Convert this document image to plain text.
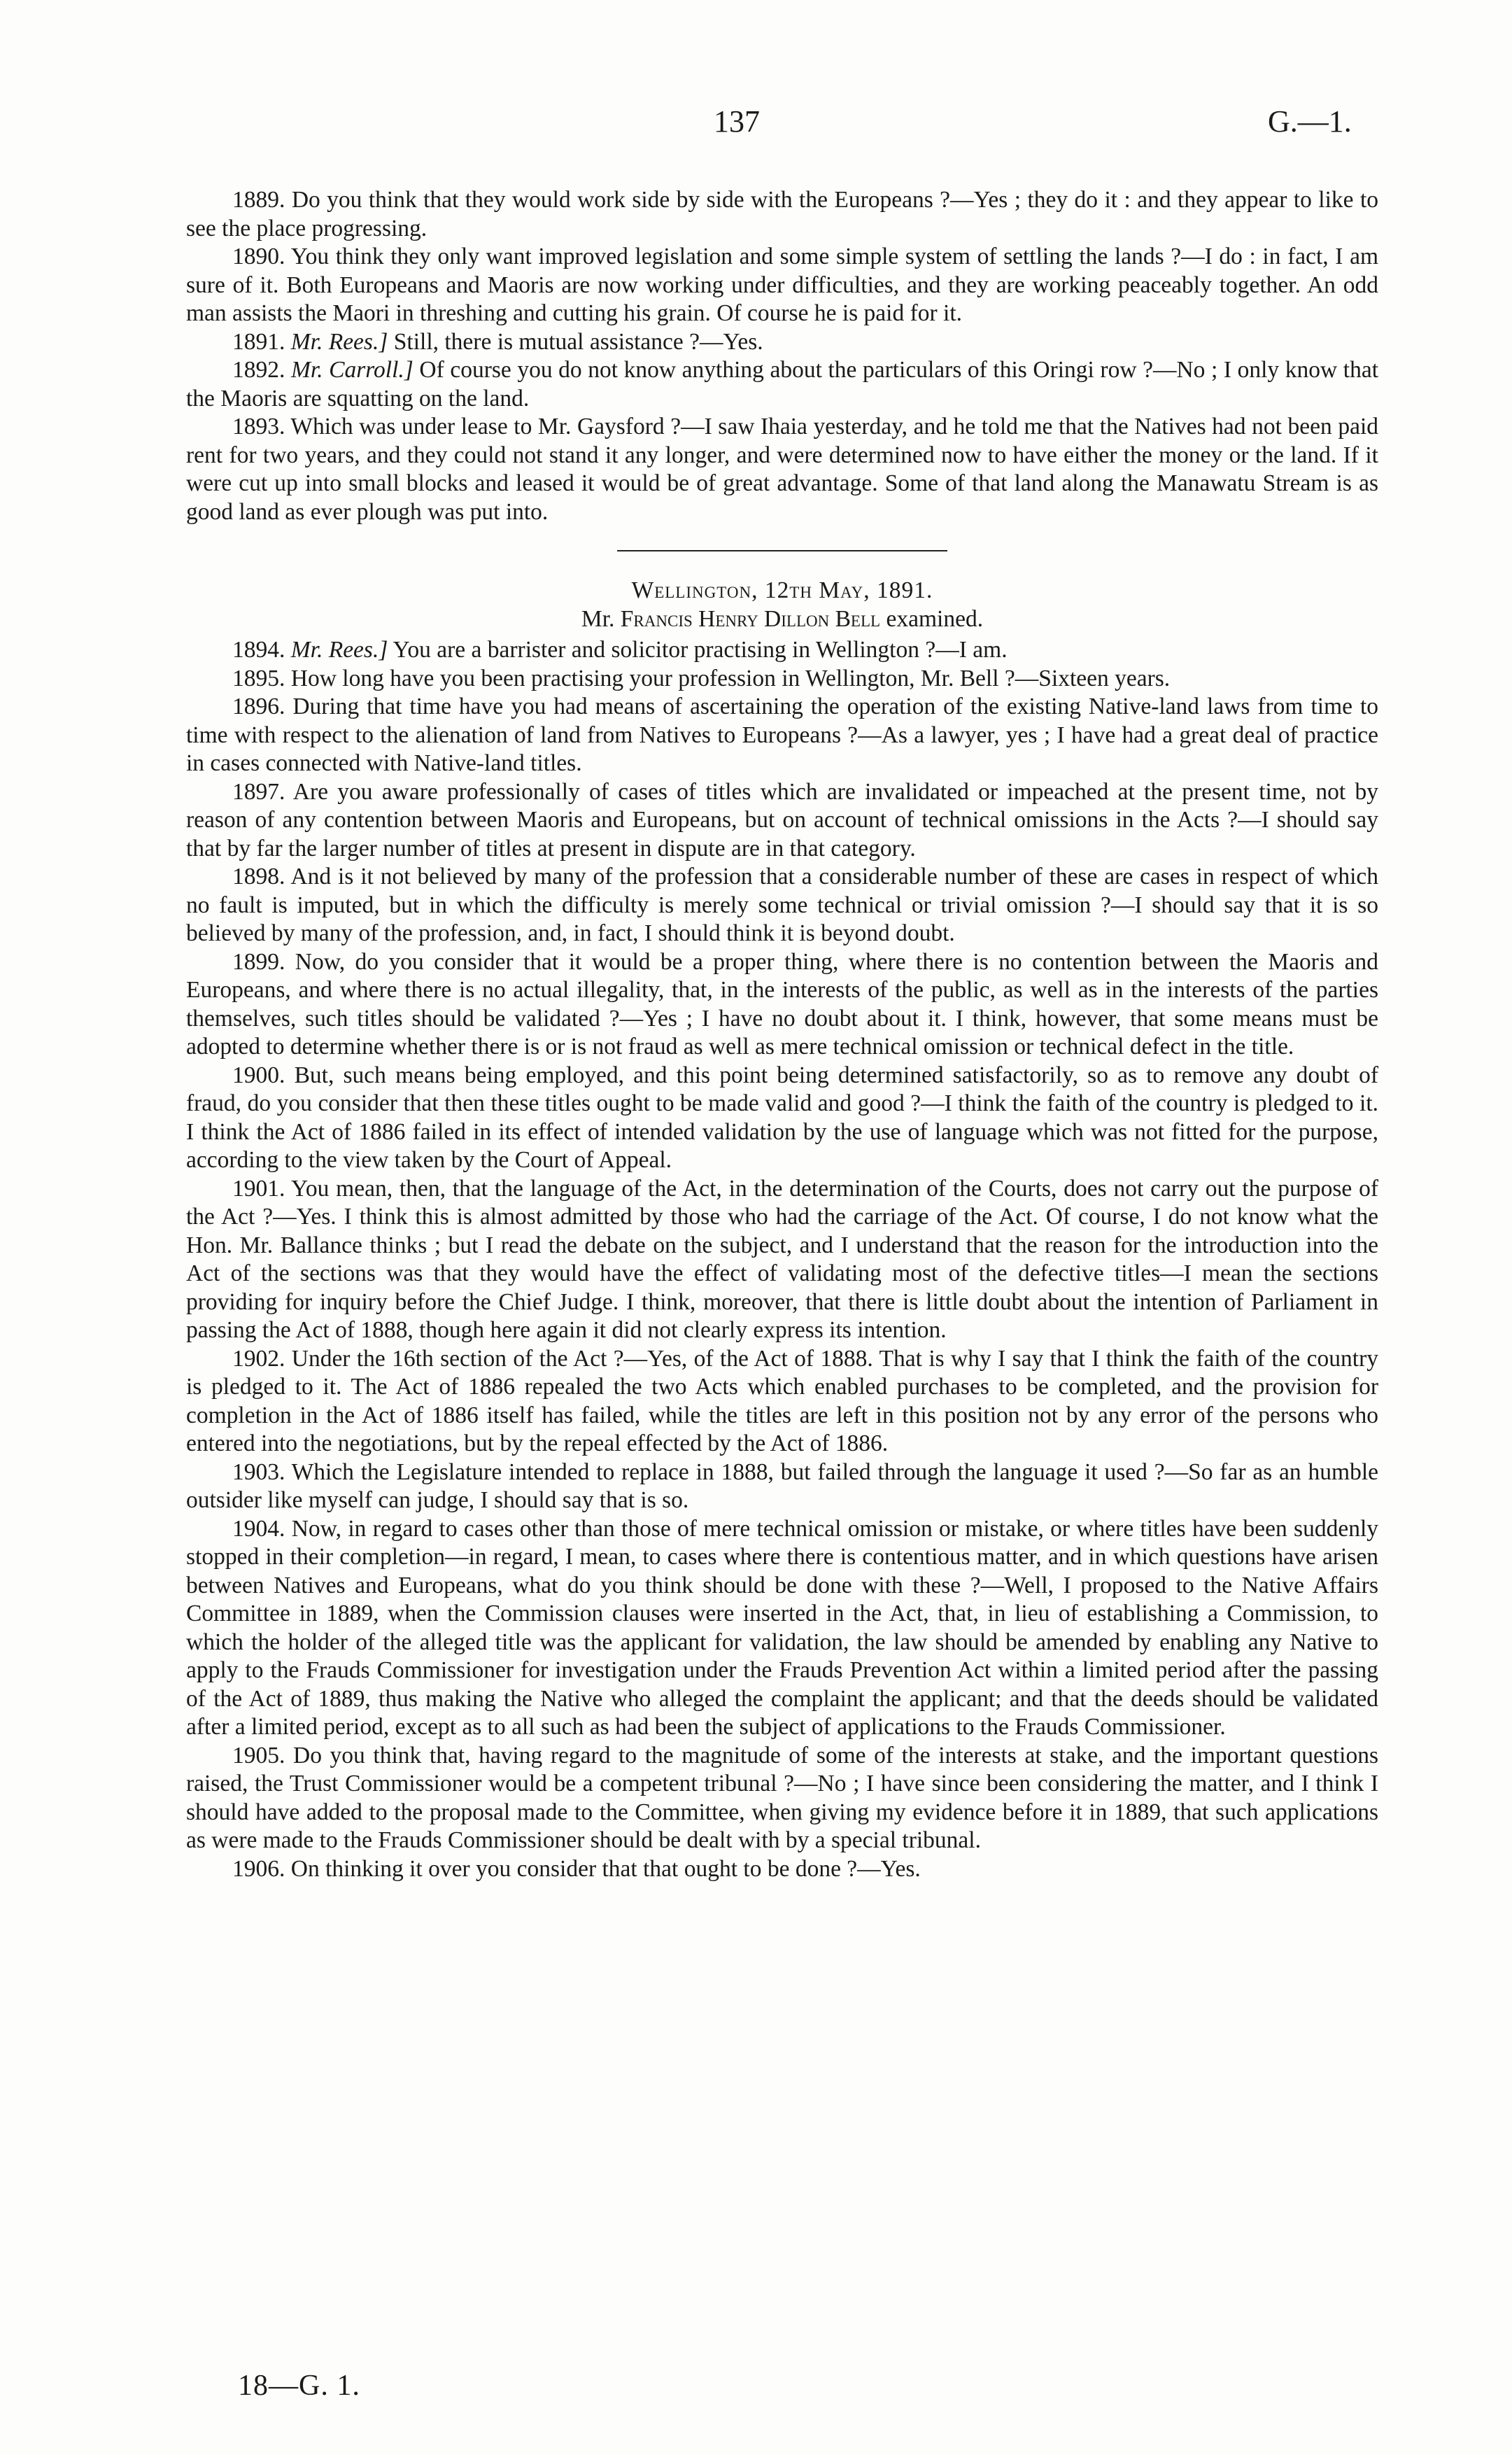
137	G.—1.

1889. Do you think that they would work side by side with the Europeans ?—Yes ; they do it : and they appear to like to see the place progressing.

1890. You think they only want improved legislation and some simple system of settling the lands ?—I do : in fact, I am sure of it. Both Europeans and Maoris are now working under difficulties, and they are working peaceably together. An odd man assists the Maori in threshing and cutting his grain. Of course he is paid for it.

1891. Mr. Rees.] Still, there is mutual assistance ?—Yes.

1892. Mr. Carroll.] Of course you do not know anything about the particulars of this Oringi row ?—No ; I only know that the Maoris are squatting on the land.

1893. Which was under lease to Mr. Gaysford ?—I saw Ihaia yesterday, and he told me that the Natives had not been paid rent for two years, and they could not stand it any longer, and were determined now to have either the money or the land. If it were cut up into small blocks and leased it would be of great advantage. Some of that land along the Manawatu Stream is as good land as ever plough was put into.

Wellington, 12th May, 1891.

Mr. Francis Henry Dillon Bell examined.

1894. Mr. Rees.] You are a barrister and solicitor practising in Wellington ?—I am.

1895. How long have you been practising your profession in Wellington, Mr. Bell ?—Sixteen years.

1896. During that time have you had means of ascertaining the operation of the existing Native-land laws from time to time with respect to the alienation of land from Natives to Europeans ?—As a lawyer, yes ; I have had a great deal of practice in cases connected with Native-land titles.

1897. Are you aware professionally of cases of titles which are invalidated or impeached at the present time, not by reason of any contention between Maoris and Europeans, but on account of technical omissions in the Acts ?—I should say that by far the larger number of titles at present in dispute are in that category.

1898. And is it not believed by many of the profession that a considerable number of these are cases in respect of which no fault is imputed, but in which the difficulty is merely some technical or trivial omission ?—I should say that it is so believed by many of the profession, and, in fact, I should think it is beyond doubt.

1899. Now, do you consider that it would be a proper thing, where there is no contention between the Maoris and Europeans, and where there is no actual illegality, that, in the interests of the public, as well as in the interests of the parties themselves, such titles should be validated ?—Yes ; I have no doubt about it. I think, however, that some means must be adopted to determine whether there is or is not fraud as well as mere technical omission or technical defect in the title.

1900. But, such means being employed, and this point being determined satisfactorily, so as to remove any doubt of fraud, do you consider that then these titles ought to be made valid and good ?—I think the faith of the country is pledged to it. I think the Act of 1886 failed in its effect of intended validation by the use of language which was not fitted for the purpose, according to the view taken by the Court of Appeal.

1901. You mean, then, that the language of the Act, in the determination of the Courts, does not carry out the purpose of the Act ?—Yes. I think this is almost admitted by those who had the carriage of the Act. Of course, I do not know what the Hon. Mr. Ballance thinks ; but I read the debate on the subject, and I understand that the reason for the introduction into the Act of the sections was that they would have the effect of validating most of the defective titles—I mean the sections providing for inquiry before the Chief Judge. I think, moreover, that there is little doubt about the intention of Parliament in passing the Act of 1888, though here again it did not clearly express its intention.

1902. Under the 16th section of the Act ?—Yes, of the Act of 1888. That is why I say that I think the faith of the country is pledged to it. The Act of 1886 repealed the two Acts which enabled purchases to be completed, and the provision for completion in the Act of 1886 itself has failed, while the titles are left in this position not by any error of the persons who entered into the negotiations, but by the repeal effected by the Act of 1886.

1903. Which the Legislature intended to replace in 1888, but failed through the language it used ?—So far as an humble outsider like myself can judge, I should say that is so.

1904. Now, in regard to cases other than those of mere technical omission or mistake, or where titles have been suddenly stopped in their completion—in regard, I mean, to cases where there is contentious matter, and in which questions have arisen between Natives and Europeans, what do you think should be done with these ?—Well, I proposed to the Native Affairs Committee in 1889, when the Commission clauses were inserted in the Act, that, in lieu of establishing a Commission, to which the holder of the alleged title was the applicant for validation, the law should be amended by enabling any Native to apply to the Frauds Commissioner for investigation under the Frauds Prevention Act within a limited period after the passing of the Act of 1889, thus making the Native who alleged the complaint the applicant; and that the deeds should be validated after a limited period, except as to all such as had been the subject of applications to the Frauds Commissioner.

1905. Do you think that, having regard to the magnitude of some of the interests at stake, and the important questions raised, the Trust Commissioner would be a competent tribunal ?—No ; I have since been considering the matter, and I think I should have added to the proposal made to the Committee, when giving my evidence before it in 1889, that such applications as were made to the Frauds Commissioner should be dealt with by a special tribunal.

1906. On thinking it over you consider that that ought to be done ?—Yes.

18—G. 1.
